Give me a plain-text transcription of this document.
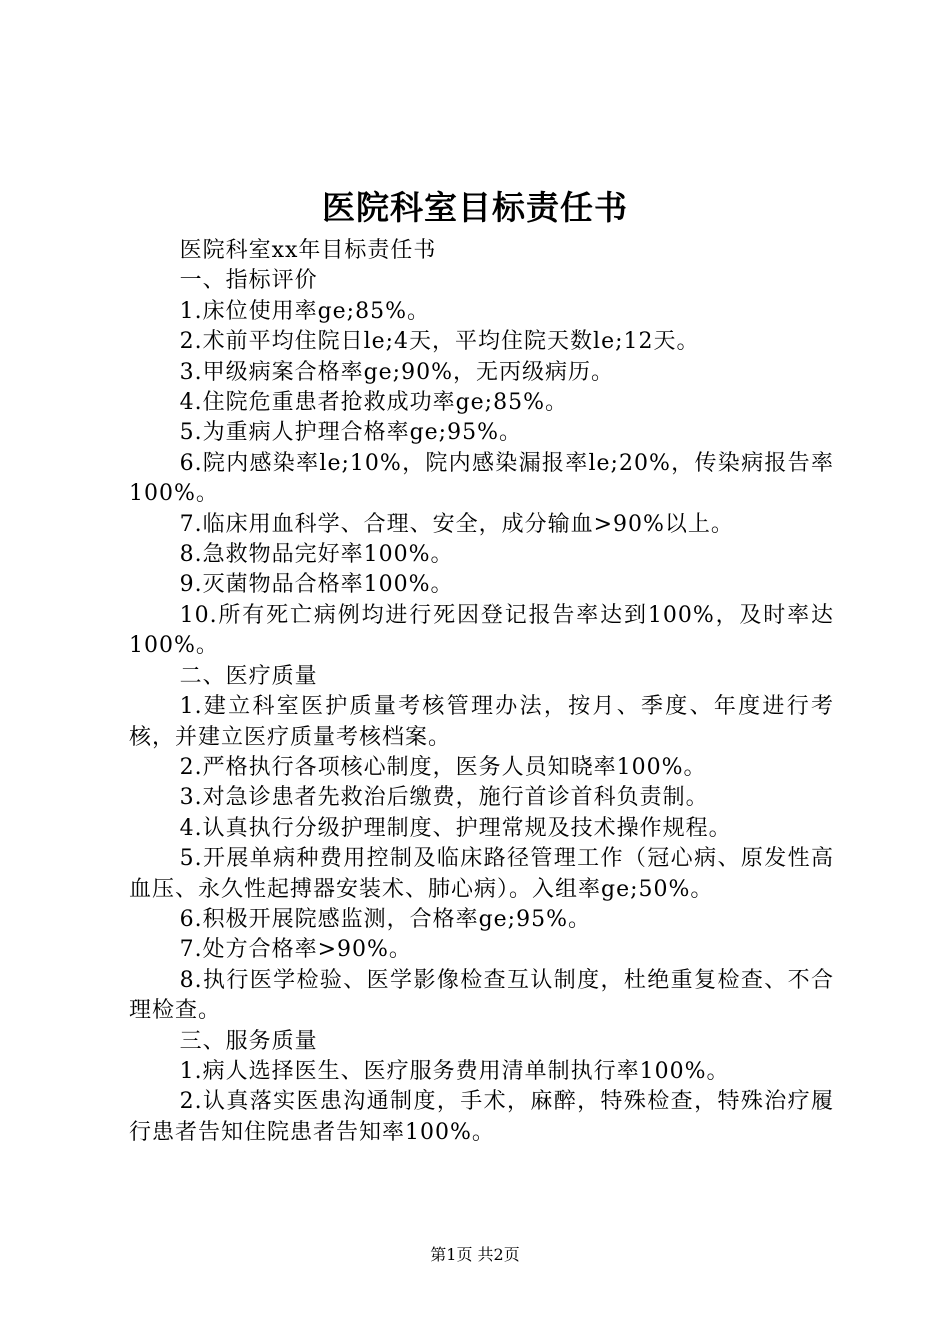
医院科室目标责任书

医院科室xx年目标责任书

一、指标评价

1.床位使用率ge;85%。

2.术前平均住院日le;4天，平均住院天数le;12天。

3.甲级病案合格率ge;90%，无丙级病历。

4.住院危重患者抢救成功率ge;85%。

5.为重病人护理合格率ge;95%。

6.院内感染率le;10%，院内感染漏报率le;20%，传染病报告率100%。

7.临床用血科学、合理、安全，成分输血>90%以上。

8.急救物品完好率100%。

9.灭菌物品合格率100%。

10.所有死亡病例均进行死因登记报告率达到100%，及时率达100%。

二、医疗质量

1.建立科室医护质量考核管理办法，按月、季度、年度进行考核，并建立医疗质量考核档案。

2.严格执行各项核心制度，医务人员知晓率100%。

3.对急诊患者先救治后缴费，施行首诊首科负责制。

4.认真执行分级护理制度、护理常规及技术操作规程。

5.开展单病种费用控制及临床路径管理工作（冠心病、原发性高血压、永久性起搏器安装术、肺心病）。入组率ge;50%。

6.积极开展院感监测，合格率ge;95%。

7.处方合格率>90%。

8.执行医学检验、医学影像检查互认制度，杜绝重复检查、不合理检查。

三、服务质量

1.病人选择医生、医疗服务费用清单制执行率100%。

2.认真落实医患沟通制度，手术，麻醉，特殊检查，特殊治疗履行患者告知住院患者告知率100%。

第1页 共2页
